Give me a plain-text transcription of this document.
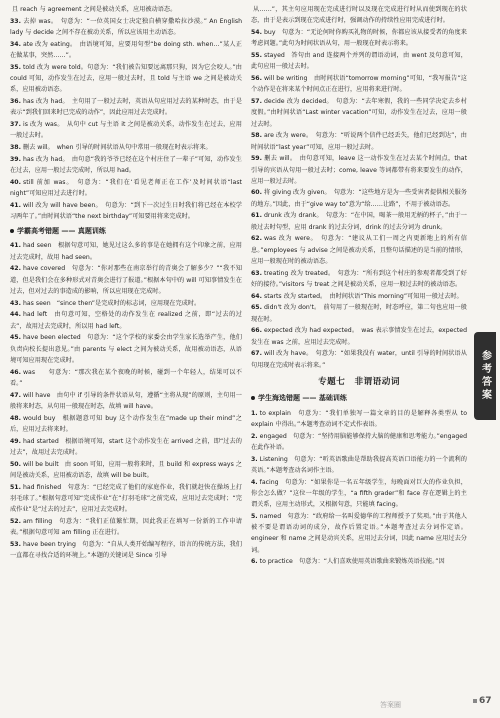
且 reach 与 agreement 之间是被动关系，应用被动语态。
33. 去掉 was。　句意为：“一位英国女士决定独自横穿撒哈拉沙漠。” An English lady 与 decide 之间不存在被动关系，所以应该用主动语态。
34. ate 改为 eating。　由语境可知，应要用句型“be doing sth. when…”某人正在做某事，突然……”。
35. told 改为 were told。句意为：“我们被告知要远离那只狗，因为它会咬人。”由 could 可知，动作发生在过去，应用一般过去时，且 told 与主语 we 之间是被动关系，应用被动语态。
36. has 改为 had。　主句用了一般过去时，英语从句应用过去的某种时态，由于是表示“到我们回来时已完成的动作”，因此应用过去完成时。
37. is 改为 was。　从句中 cut 与主语 it 之间是被动关系，动作发生在过去，应用一般过去时。
38. 删去 will。　when 引导的时间状语从句中常用一般现在时表示将来。
39. has 改为 had。　由句意“我的爷爷已经在这个村庄住了一辈子”可知，动作发生在过去，应用一般过去完成时，所以用 had。
40. still 前加 was。　句意为：“我们在‘看见老师正在工作’及时间状语“last night”可知应用过去进行时。
41. will 改为 will have been。　句意为：“到下一次过生日时我们将已经在本校学习两年了。”由时间状语“the next birthday”可知要用将来完成时。
学霸高考错题 —— 真题训练
41. had seen　根据句意可知，她见过这么多的事是在她拥有这个印象之前，应用过去完成时，故用 had seen。
42. have covered　句意为：“你对那些在南京举行的青奥会了解多少？”“我不知道，但是我们会在多种形式对青奥会进行了报道。”根据本句中的 will 可知事情发生在过去，但对过去的事造成的影响，所以应用现在完成时。
43. has seen　“since then”是完成时的标志词，应用现在完成时。
44. had left　由句意可知，空格处的动作发生在 realized 之前，即“过去的过去”，故用过去完成时，所以用 had left。
45. have been elected　句意为：“这个学校的家委会由学生家长选举产生，他们负责向校长提出意见。”由 parents 与 elect 之间为被动关系，故用被动语态，从语境可知应用现在完成时。
46. was　　句意为：“那次我在某个夜晚的时候，碰到一个年轻人，结果可以不看。”
47. will have　由句中 if 引导的条件状语从句，遵循“主将从现”的原则，主句用一般将来时态，从句用一般现在时态，故填 will have。
48. would buy　根据题意可知 buy 这个动作发生在“made up their mind”之后，应用过去将来时。
49. had started　根据语境可知，start 这个动作发生在 arrived 之前，即“过去的过去”，故用过去完成时。
50. will be built　由 soon 可知，应用一般将来时，且 build 和 express ways 之间是被动关系，应用被动语态，故填 will be built。
51. had finished　句意为：“已经完成了他们的家庭作业，我们就赶快在操场上打羽毛球了。”根据句意可知“完成作业”在“打羽毛球”之前完成，应用过去完成时；“完成作业”是“过去的过去”，应用过去完成时。
52. am filling　句意为：“我们正值繁忙期，因此我正在填写一份新的工作申请表。”根据句意可知 am filling 正在进行。
53. have been trying　句意为：“自从人类开始编写程序，语言的传统方法，我们一直都在寻找合适的环境上。”本题的关键词是 Since 引导
从……”，其主句应用现在完成进行时以及现在完成进行时从而使到现在的状态，由于是表示到现在完成进行时，强调动作的持续性应用完成进行时。
54. buy　句意为：“无论何时你购买礼物的时候，你都应该从接受者的角度来考虑问题。”此句为时间状语从句，用一般现在时表示将来。
55. stayed　答句由 and 连接两个并列的谓语动词，由 went 及句意可知，此句应用一般过去时。
56. will be writing　由时间状语“tomorrow morning”可知，“我写报告”这个动作是在将来某个时间点正在进行，应用将来进行时。
57. decide 改为 decided。　句意为：“去年寒假，我的一些同学决定去乡村度假。”由时间状语“Last winter vacation”可知，动作发生在过去，应用一般过去时。
58. are 改为 were。　句意为：“听说两个信件已经丢失，他们已经到达”，由时间状语“last year”可知，应用一般过去时。
59. 删去 will。　由句意可知，leave 这一动作发生在过去某个时间点，that 引导的宾语从句用一般过去时；come, leave 等词都带有将来要发生的动作，应用一般过去时。
60. 将 giving 改为 given。　句意为：“这些地方是为一些受害者提供相关服务的地方。”因此，由于“give way to”意为“给……让路”，不用于被动语态。
61. drunk 改为 drank。　句意为：“在中国，喝茶一般用无柄的杯子，”由于一般过去时句型，应用 drank 的过去分词，drink 的过去分词为 drunk。
62. was 改为 were。　句意为：“建议从工们一周之内更新地上的所有信息。”employees 与 advise 之间是被动关系，且整句话描述的是当前的情形，应用一般现在时的被动语态。
63. treating 改为 treated。　句意为：“所有到这个村庄的参观者都受到了好好的接待。”visitors 与 treat 之间是被动关系，应用一般过去时的被动语态。
64. starts 改为 started。　由时间状语“This morning”可知用一般过去时。
65. didn't 改为 don't。　前句用了一般现在时，时态呼应，第二句也应用一般现在时。
66. expected 改为 had expected。　was 表示事情发生在过去，expected 发生在 was 之前，应用过去完成时。
67. will 改为 have。　句意为：“如果我没有 water，until 引导的时间状语从句用现在完成时表示将来。”
专题七　非谓语动词
学生海选错题 —— 基础训练
1. to explain　句意为：“我们单独写一篇文章的目的是解释各类型从 to explain 中得出。”本题考查动词不定式作表语。
2. engaged　句意为：“坚持用脑能够保持大脑的健康和思考能力。”engaged 在此作补语。
3. Listening　句意为：“听英语歌曲是帮助我提高英语口语能力的一个流利的英语。”本题考查动名词作主语。
4. facing　句意为：“如果你是一名五年级学生，每晚面对巨大的作业负担，你会怎么做？”这位一年级的学生，“a fifth grader”和 face 存在逻辑上的主谓关系，应用主动形式，又根据句意，只能填 facing。
5. named　句意为：“政府给一名叫爱德华的工程师授予了奖项。”由于其他人被不要是谓语动词的成分，故作后置定语。”本题考查过去分词作定语。engineer 和 name 之间是动宾关系，应用过去分词，因此 name 应用过去分词。
6. to practice　句意为：“人们喜欢使用英语歌曲来锻炼英语技能。”因
参考答案
67
答案圈
